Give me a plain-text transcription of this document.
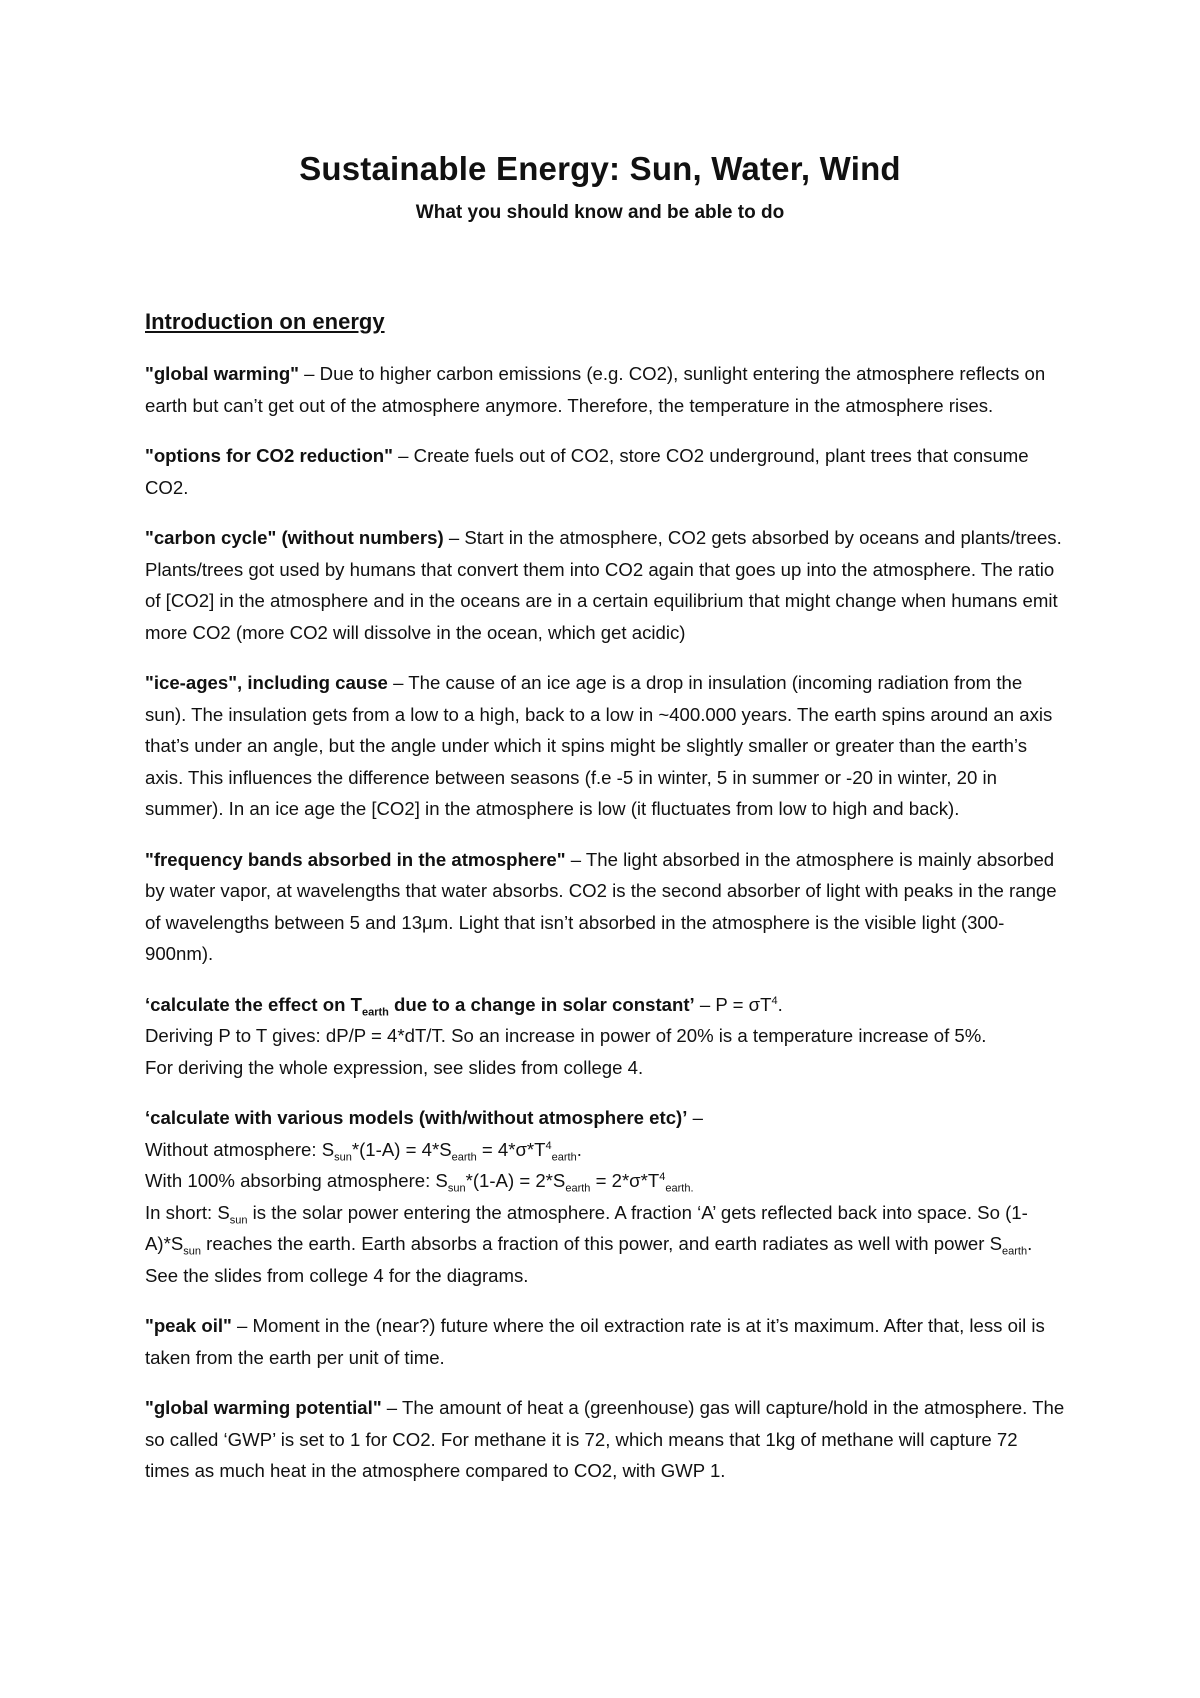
Sustainable Energy: Sun, Water, Wind
What you should know and be able to do
Introduction on energy

"global warming" – Due to higher carbon emissions (e.g. CO2), sunlight entering the atmosphere reflects on earth but can’t get out of the atmosphere anymore. Therefore, the temperature in the atmosphere rises.

"options for CO2 reduction" – Create fuels out of CO2, store CO2 underground, plant trees that consume CO2.

"carbon cycle" (without numbers) – Start in the atmosphere, CO2 gets absorbed by oceans and plants/trees. Plants/trees got used by humans that convert them into CO2 again that goes up into the atmosphere. The ratio of [CO2] in the atmosphere and in the oceans are in a certain equilibrium that might change when humans emit more CO2 (more CO2 will dissolve in the ocean, which get acidic)

"ice-ages", including cause – The cause of an ice age is a drop in insulation (incoming radiation from the sun). The insulation gets from a low to a high, back to a low in ~400.000 years. The earth spins around an axis that’s under an angle, but the angle under which it spins might be slightly smaller or greater than the earth’s axis. This influences the difference between seasons (f.e -5 in winter, 5 in summer or -20 in winter, 20 in summer). In an ice age the [CO2] in the atmosphere is low (it fluctuates from low to high and back).

"frequency bands absorbed in the atmosphere" – The light absorbed in the atmosphere is mainly absorbed by water vapor, at wavelengths that water absorbs. CO2 is the second absorber of light with peaks in the range of wavelengths between 5 and 13μm. Light that isn’t absorbed in the atmosphere is the visible light (300-900nm).

‘calculate the effect on $T_{earth}$ due to a change in solar constant’ – $P = \sigma T^4$.
Deriving P to T gives: dP/P = 4*dT/T. So an increase in power of 20% is a temperature increase of 5%.
For deriving the whole expression, see slides from college 4.

‘calculate with various models (with/without atmosphere etc)’ –
Without atmosphere: $S_{sun}*(1-A) = 4*S_{earth} = 4*\sigma*T^4_{earth}$.
With 100% absorbing atmosphere: $S_{sun}*(1-A) = 2*S_{earth} = 2*\sigma*T^4_{earth.}$
In short: $S_{sun}$ is the solar power entering the atmosphere. A fraction ‘A’ gets reflected back into space. So $(1-A)*S_{sun}$ reaches the earth. Earth absorbs a fraction of this power, and earth radiates as well with power $S_{earth}$. See the slides from college 4 for the diagrams.

"peak oil" – Moment in the (near?) future where the oil extraction rate is at it’s maximum. After that, less oil is taken from the earth per unit of time.

"global warming potential" – The amount of heat a (greenhouse) gas will capture/hold in the atmosphere. The so called ‘GWP’ is set to 1 for CO2. For methane it is 72, which means that 1kg of methane will capture 72 times as much heat in the atmosphere compared to CO2, with GWP 1.
